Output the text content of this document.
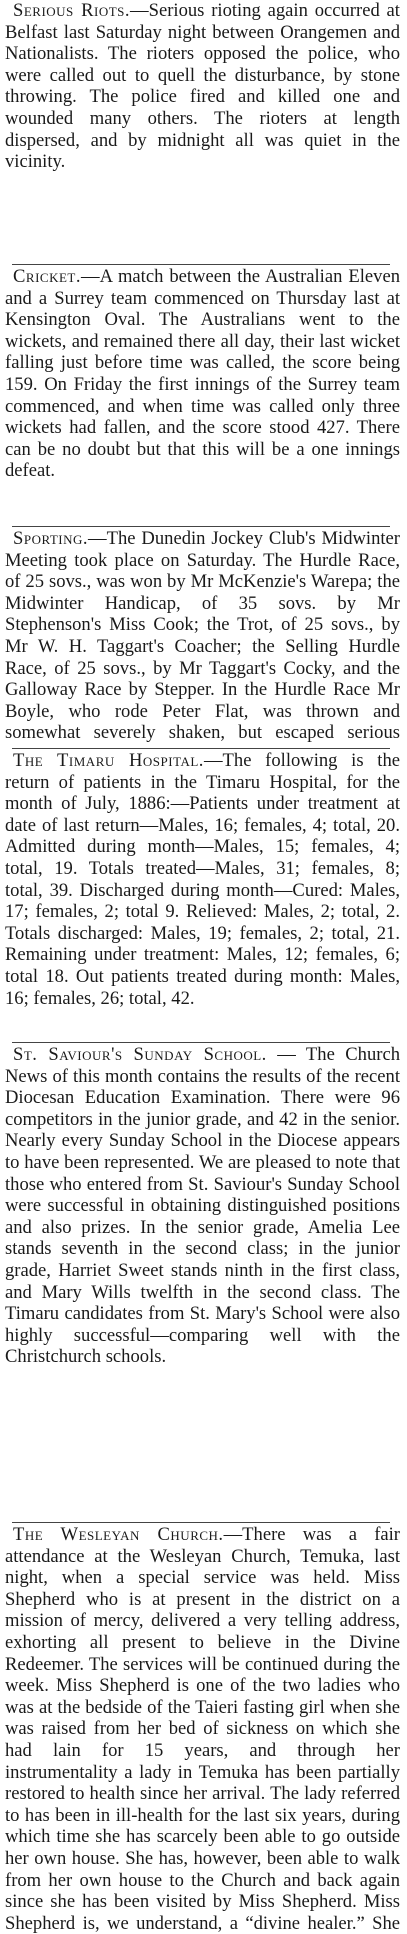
Serious Riots.—Serious rioting again occurred at Belfast last Saturday night between Orangemen and Nationalists. The rioters opposed the police, who were called out to quell the disturbance, by stone throwing. The police fired and killed one and wounded many others. The rioters at length dispersed, and by midnight all was quiet in the vicinity.
Cricket.—A match between the Australian Eleven and a Surrey team commenced on Thursday last at Kensington Oval. The Australians went to the wickets, and remained there all day, their last wicket falling just before time was called, the score being 159. On Friday the first innings of the Surrey team commenced, and when time was called only three wickets had fallen, and the score stood 427. There can be no doubt but that this will be a one innings defeat.
Sporting.—The Dunedin Jockey Club's Midwinter Meeting took place on Saturday. The Hurdle Race, of 25 sovs., was won by Mr McKenzie's Warepa; the Midwinter Handicap, of 35 sovs. by Mr Stephenson's Miss Cook; the Trot, of 25 sovs., by Mr W. H. Taggart's Coacher; the Selling Hurdle Race, of 25 sovs., by Mr Taggart's Cocky, and the Galloway Race by Stepper. In the Hurdle Race Mr Boyle, who rode Peter Flat, was thrown and somewhat severely shaken, but escaped serious
The Timaru Hospital.—The following is the return of patients in the Timaru Hospital, for the month of July, 1886:—Patients under treatment at date of last return—Males, 16; females, 4; total, 20. Admitted during month—Males, 15; females, 4; total, 19. Totals treated—Males, 31; females, 8; total, 39. Discharged during month—Cured: Males, 17; females, 2; total 9. Relieved: Males, 2; total, 2. Totals discharged: Males, 19; females, 2; total, 21. Remaining under treatment: Males, 12; females, 6; total 18. Out patients treated during month: Males, 16; females, 26; total, 42.
St. Saviour's Sunday School. — The Church News of this month contains the results of the recent Diocesan Education Examination. There were 96 competitors in the junior grade, and 42 in the senior. Nearly every Sunday School in the Diocese appears to have been represented. We are pleased to note that those who entered from St. Saviour's Sunday School were successful in obtaining distinguished positions and also prizes. In the senior grade, Amelia Lee stands seventh in the second class; in the junior grade, Harriet Sweet stands ninth in the first class, and Mary Wills twelfth in the second class. The Timaru candidates from St. Mary's School were also highly successful—comparing well with the Christchurch schools.
The Wesleyan Church.—There was a fair attendance at the Wesleyan Church, Temuka, last night, when a special service was held. Miss Shepherd who is at present in the district on a mission of mercy, delivered a very telling address, exhorting all present to believe in the Divine Redeemer. The services will be continued during the week. Miss Shepherd is one of the two ladies who was at the bedside of the Taieri fasting girl when she was raised from her bed of sickness on which she had lain for 15 years, and through her instrumentality a lady in Temuka has been partially restored to health since her arrival. The lady referred to has been in ill-health for the last six years, during which time she has scarcely been able to go outside her own house. She has, however, been able to walk from her own house to the Church and back again since she has been visited by Miss Shepherd. Miss Shepherd is, we understand, a “divine healer.” She
